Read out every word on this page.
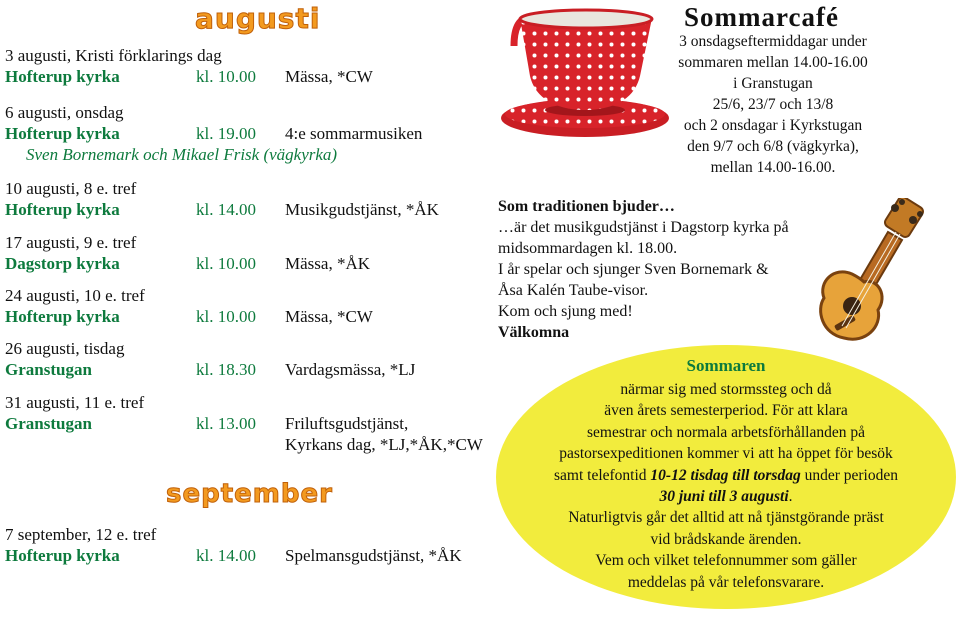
augusti
3 augusti, Kristi förklarings dag
Hofterup kyrka	kl. 10.00 Mässa, *CW
6 augusti, onsdag
Hofterup kyrka	kl. 19.00 4:e sommarmusiken
Sven Bornemark och Mikael Frisk (vägkyrka)
10 augusti, 8 e. tref
Hofterup kyrka	kl. 14.00 Musikgudstjänst, *ÅK
17 augusti, 9 e. tref
Dagstorp kyrka	kl. 10.00 Mässa, *ÅK
24 augusti, 10 e. tref
Hofterup kyrka	kl. 10.00 Mässa, *CW
26 augusti, tisdag
Granstugan	kl. 18.30 Vardagsmässa, *LJ
31 augusti, 11 e. tref
Granstugan	kl. 13.00 Friluftsgudstjänst,
Kyrkans dag, *LJ,*ÅK,*CW
september
7 september, 12 e. tref
Hofterup kyrka	kl. 14.00 Spelmansgudstjänst, *ÅK
Sommarcafé
3 onsdagseftermiddagar under
sommaren mellan 14.00-16.00
i Granstugan
25/6, 23/7 och 13/8
och 2 onsdagar i Kyrkstugan
den 9/7 och 6/8 (vägkyrka),
mellan 14.00-16.00.
Som traditionen bjuder…
…är det musikgudstjänst i Dagstorp kyrka på
midsommardagen kl. 18.00.
I år spelar och sjunger Sven Bornemark &
Åsa Kalén Taube-visor.
Kom och sjung med!
Välkomna
Sommaren
närmar sig med stormssteg och då
även årets semesterperiod. För att klara
semestrar och normala arbetsförhållanden på
pastorsexpeditionen kommer vi att ha öppet för besök
samt telefontid 10-12 tisdag till torsdag under perioden
30 juni till 3 augusti.
Naturligtvis går det alltid att nå tjänstgörande präst
vid brådskande ärenden.
Vem och vilket telefonnummer som gäller
meddelas på vår telefonsvarare.
